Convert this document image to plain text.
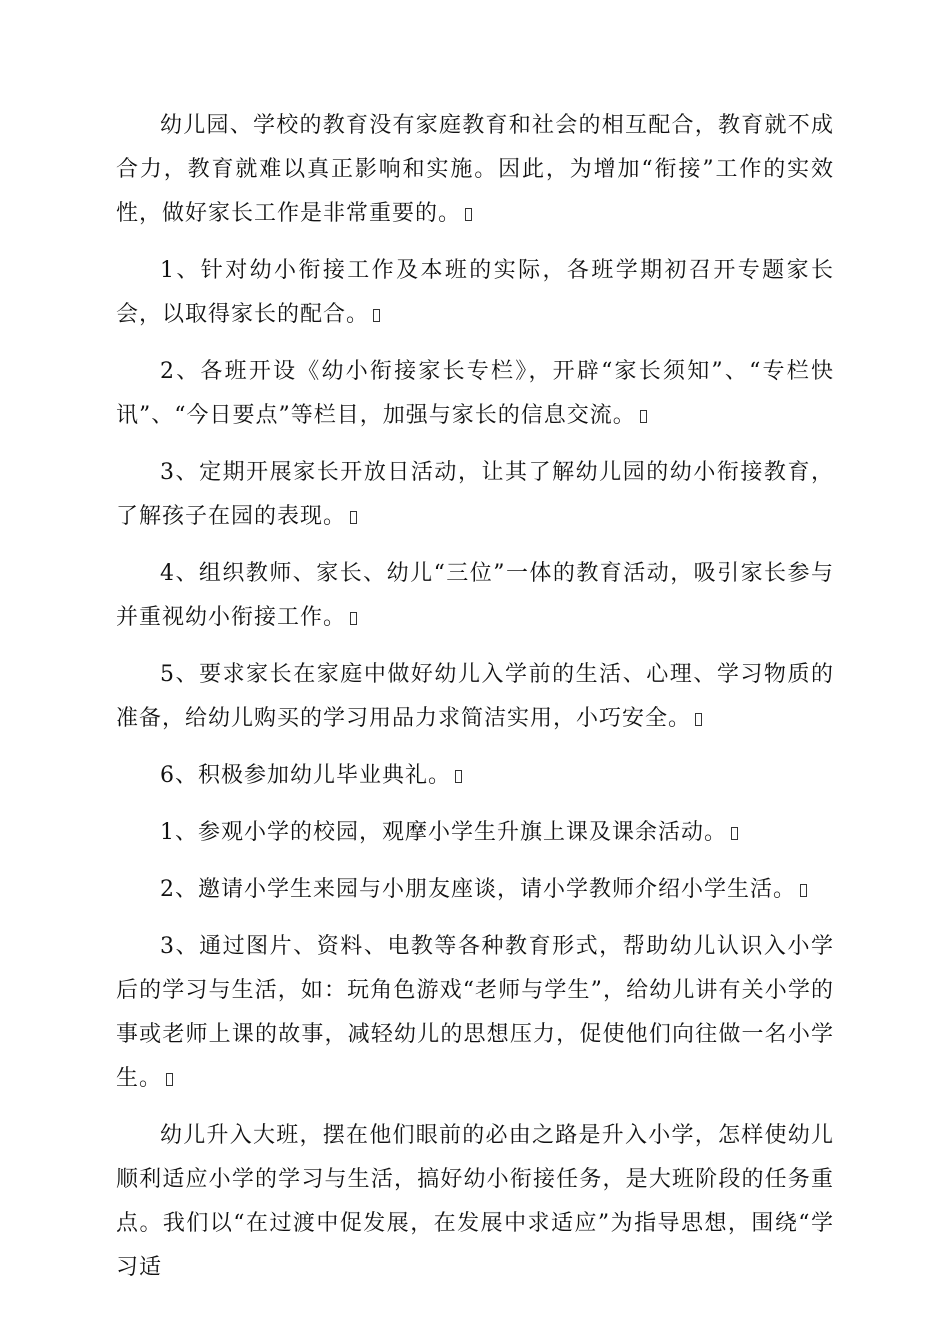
幼儿园、学校的教育没有家庭教育和社会的相互配合，教育就不成合力，教育就难以真正影响和实施。因此，为增加“衔接”工作的实效性，做好家长工作是非常重要的。

1、针对幼小衔接工作及本班的实际，各班学期初召开专题家长会，以取得家长的配合。

2、各班开设《幼小衔接家长专栏》，开辟“家长须知”、“专栏快讯”、“今日要点”等栏目，加强与家长的信息交流。

3、定期开展家长开放日活动，让其了解幼儿园的幼小衔接教育，了解孩子在园的表现。

4、组织教师、家长、幼儿“三位”一体的教育活动，吸引家长参与并重视幼小衔接工作。

5、要求家长在家庭中做好幼儿入学前的生活、心理、学习物质的准备，给幼儿购买的学习用品力求简洁实用，小巧安全。

6、积极参加幼儿毕业典礼。

1、参观小学的校园，观摩小学生升旗上课及课余活动。

2、邀请小学生来园与小朋友座谈，请小学教师介绍小学生活。

3、通过图片、资料、电教等各种教育形式，帮助幼儿认识入小学后的学习与生活，如：玩角色游戏“老师与学生”，给幼儿讲有关小学的事或老师上课的故事，减轻幼儿的思想压力，促使他们向往做一名小学生。

幼儿升入大班，摆在他们眼前的必由之路是升入小学，怎样使幼儿顺利适应小学的学习与生活，搞好幼小衔接任务，是大班阶段的任务重点。我们以“在过渡中促发展，在发展中求适应”为指导思想，围绕“学习适
